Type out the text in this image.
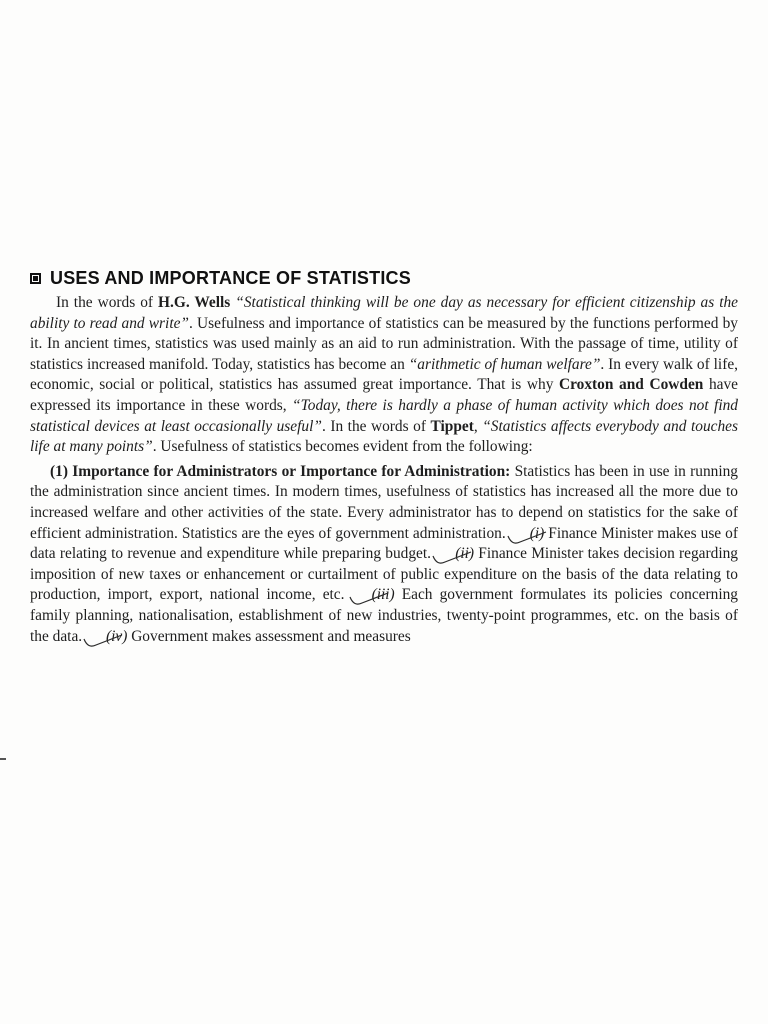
USES AND IMPORTANCE OF STATISTICS

In the words of H.G. Wells “Statistical thinking will be one day as necessary for efficient citizenship as the ability to read and write”. Usefulness and importance of statistics can be measured by the functions performed by it. In ancient times, statistics was used mainly as an aid to run administration. With the passage of time, utility of statistics increased manifold. Today, statistics has become an “arithmetic of human welfare”. In every walk of life, economic, social or political, statistics has assumed great importance. That is why Croxton and Cowden have expressed its importance in these words, “Today, there is hardly a phase of human activity which does not find statistical devices at least occasionally useful”. In the words of Tippet, “Statistics affects everybody and touches life at many points”. Usefulness of statistics becomes evident from the following:

(1) Importance for Administrators or Importance for Administration: Statistics has been in use in running the administration since ancient times. In modern times, usefulness of statistics has increased all the more due to increased welfare and other activities of the state. Every administrator has to depend on statistics for the sake of efficient administration. Statistics are the eyes of government administration. (i)
Finance Minister makes use of data relating to revenue and expenditure while preparing budget. (ii)
Finance Minister takes decision regarding imposition of new taxes or enhancement or curtailment of public expenditure on the basis of the data relating to production, import, export, national income, etc. (iii)
Each government formulates its policies concerning family planning, nationalisation, establishment of new industries, twenty-point programmes, etc. on the basis of the data. (iv)
Government makes assessment and measures
